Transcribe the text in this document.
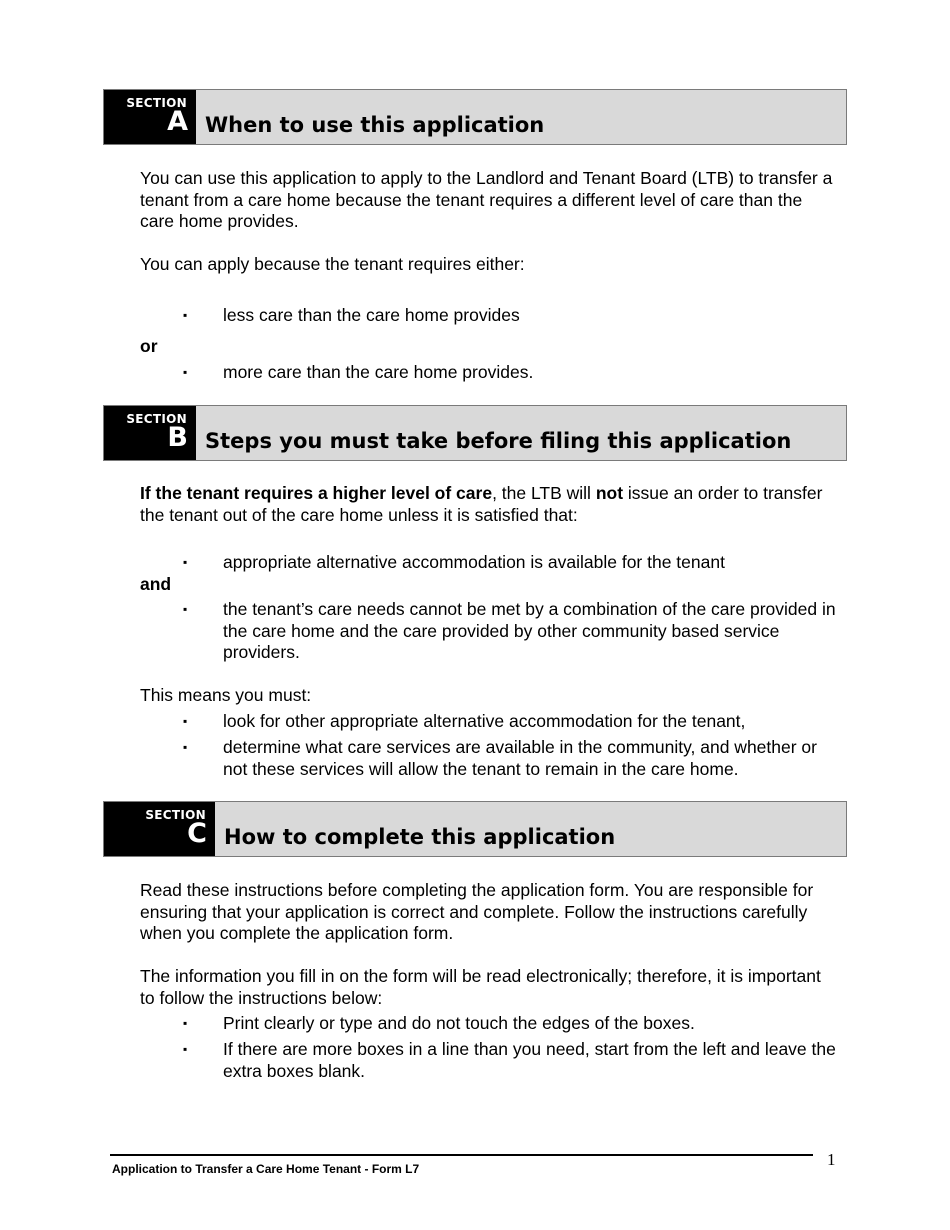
SECTION
A When to use this application

You can use this application to apply to the Landlord and Tenant Board (LTB) to transfer a tenant from a care home because the tenant requires a different level of care than the care home provides.

You can apply because the tenant requires either:

▪ less care than the care home provides

or
▪ more care than the care home provides.

SECTION
B Steps you must take before filing this application

If the tenant requires a higher level of care, the LTB will not issue an order to transfer the tenant out of the care home unless it is satisfied that:

▪ appropriate alternative accommodation is available for the tenant

and
▪ the tenant’s care needs cannot be met by a combination of the care provided in the care home and the care provided by other community based service providers.

This means you must:

▪ look for other appropriate alternative accommodation for the tenant,

▪ determine what care services are available in the community, and whether or not these services will allow the tenant to remain in the care home.

SECTION
C How to complete this application

Read these instructions before completing the application form. You are responsible for ensuring that your application is correct and complete. Follow the instructions carefully when you complete the application form.

The information you fill in on the form will be read electronically; therefore, it is important to follow the instructions below:

▪ Print clearly or type and do not touch the edges of the boxes.

▪ If there are more boxes in a line than you need, start from the left and leave the extra boxes blank.

Application to Transfer a Care Home Tenant - Form L7	1
